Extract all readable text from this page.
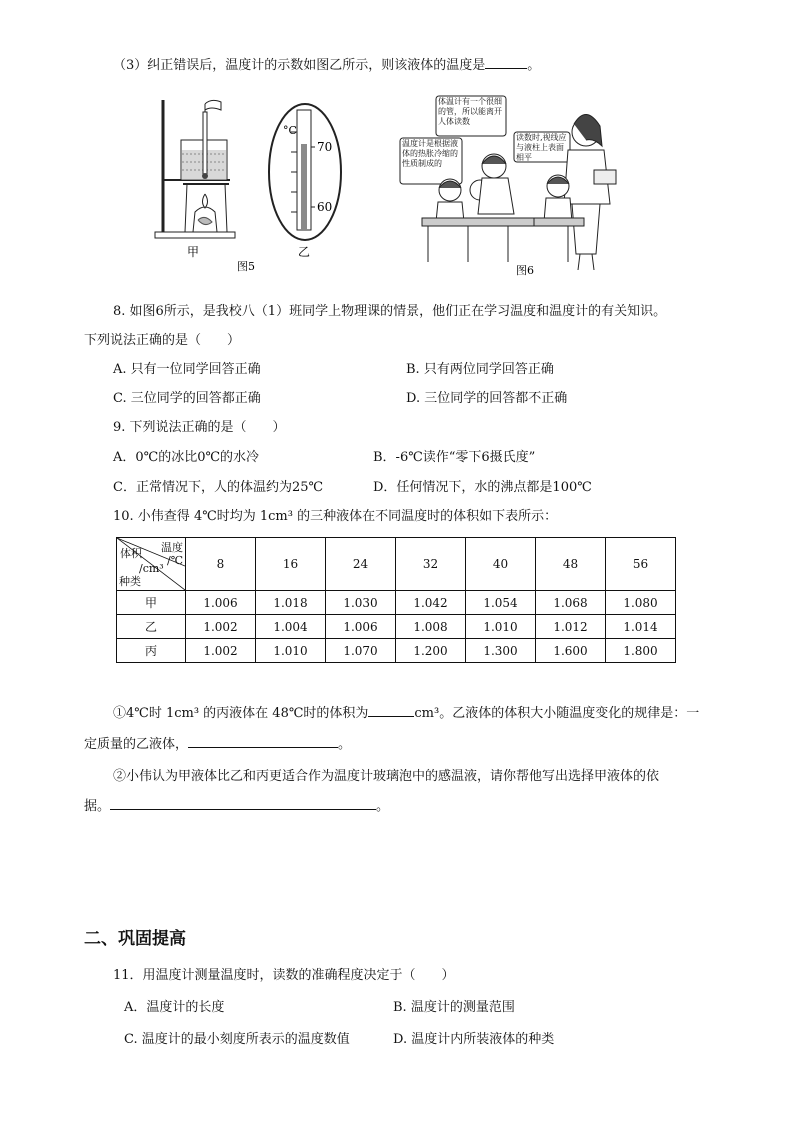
（3）纠正错误后，温度计的示数如图乙所示，则该液体的温度是	。
甲
°C
70
60
乙
图5
体温计有一个很细的管，所以能离开人体读数
温度计是根据液体的热胀冷缩的性质制成的
读数时,视线应与液柱上表面相平
图6
8. 如图6所示，是我校八（1）班同学上物理课的情景，他们正在学习温度和温度计的有关知识。
下列说法正确的是（　　）
A. 只有一位同学回答正确	B. 只有两位同学回答正确
C. 三位同学的回答都正确	D. 三位同学的回答都不正确
9. 下列说法正确的是（　　）
A．0℃的冰比0℃的水冷	B．-6℃读作“零下6摄氏度”
C．正常情况下，人的体温约为25℃	D．任何情况下，水的沸点都是100℃
10. 小伟查得 4℃时均为 1cm³ 的三种液体在不同温度时的体积如下表所示：
温度
/℃
体积
/cm³
种类	8	16	24	32	40	48	56
甲	1.006	1.018	1.030	1.042	1.054	1.068	1.080
乙	1.002	1.004	1.006	1.008	1.010	1.012	1.014
丙	1.002	1.010	1.070	1.200	1.300	1.600	1.800
①4℃时 1cm³ 的丙液体在 48℃时的体积为	cm³。乙液体的体积大小随温度变化的规律是：一
定质量的乙液体，	。
②小伟认为甲液体比乙和丙更适合作为温度计玻璃泡中的感温液，请你帮他写出选择甲液体的依
据。	。
二、巩固提高
11．用温度计测量温度时，读数的准确程度决定于（　　）
A．温度计的长度	B. 温度计的测量范围
C. 温度计的最小刻度所表示的温度数值	D. 温度计内所装液体的种类
